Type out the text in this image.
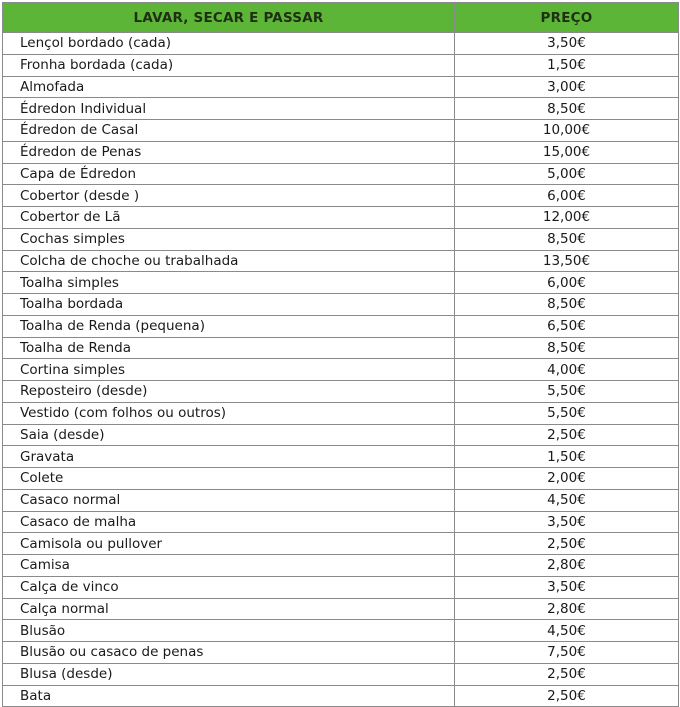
LAVAR, SECAR E PASSAR	PREÇO
Lençol bordado (cada)	3,50€
Fronha bordada (cada)	1,50€
Almofada	3,00€
Édredon Individual	8,50€
Édredon de Casal	10,00€
Édredon de Penas	15,00€
Capa de Édredon	5,00€
Cobertor (desde )	6,00€
Cobertor de Lã	12,00€
Cochas simples	8,50€
Colcha de choche ou trabalhada	13,50€
Toalha simples	6,00€
Toalha bordada	8,50€
Toalha de Renda (pequena)	6,50€
Toalha de Renda	8,50€
Cortina simples	4,00€
Reposteiro (desde)	5,50€
Vestido (com folhos ou outros)	5,50€
Saia (desde)	2,50€
Gravata	1,50€
Colete	2,00€
Casaco normal	4,50€
Casaco de malha	3,50€
Camisola ou pullover	2,50€
Camisa	2,80€
Calça de vinco	3,50€
Calça normal	2,80€
Blusão	4,50€
Blusão ou casaco de penas	7,50€
Blusa (desde)	2,50€
Bata	2,50€
